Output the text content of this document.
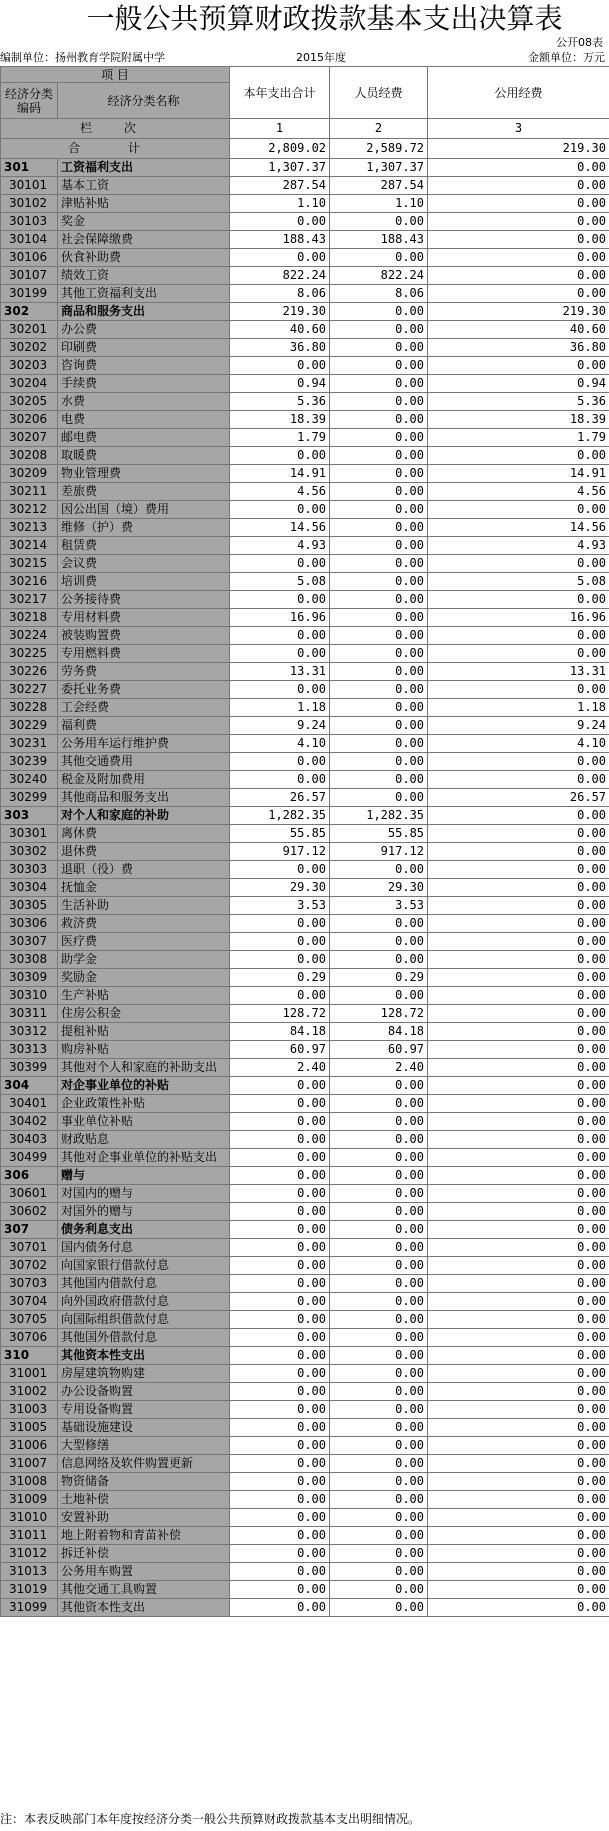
一般公共预算财政拨款基本支出决算表
公开08表
编制单位：扬州教育学院附属中学	2015年度	金额单位：万元
项 目		本年支出合计	人员经费	公用经费
经济分类编码	经济分类名称			

栏 次		1	2	3
合 计		2,809.02	2,589.72	219.30
301	工资福利支出	1,307.37	1,307.37	0.00
30101	基本工资	287.54	287.54	0.00
30102	津贴补贴	1.10	1.10	0.00
30103	奖金	0.00	0.00	0.00
30104	社会保障缴费	188.43	188.43	0.00
30106	伙食补助费	0.00	0.00	0.00
30107	绩效工资	822.24	822.24	0.00
30199	其他工资福利支出	8.06	8.06	0.00
302	商品和服务支出	219.30	0.00	219.30
30201	办公费	40.60	0.00	40.60
30202	印刷费	36.80	0.00	36.80
30203	咨询费	0.00	0.00	0.00
30204	手续费	0.94	0.00	0.94
30205	水费	5.36	0.00	5.36
30206	电费	18.39	0.00	18.39
30207	邮电费	1.79	0.00	1.79
30208	取暖费	0.00	0.00	0.00
30209	物业管理费	14.91	0.00	14.91
30211	差旅费	4.56	0.00	4.56
30212	因公出国（境）费用	0.00	0.00	0.00
30213	维修（护）费	14.56	0.00	14.56
30214	租赁费	4.93	0.00	4.93
30215	会议费	0.00	0.00	0.00
30216	培训费	5.08	0.00	5.08
30217	公务接待费	0.00	0.00	0.00
30218	专用材料费	16.96	0.00	16.96
30224	被装购置费	0.00	0.00	0.00
30225	专用燃料费	0.00	0.00	0.00
30226	劳务费	13.31	0.00	13.31
30227	委托业务费	0.00	0.00	0.00
30228	工会经费	1.18	0.00	1.18
30229	福利费	9.24	0.00	9.24
30231	公务用车运行维护费	4.10	0.00	4.10
30239	其他交通费用	0.00	0.00	0.00
30240	税金及附加费用	0.00	0.00	0.00
30299	其他商品和服务支出	26.57	0.00	26.57
303	对个人和家庭的补助	1,282.35	1,282.35	0.00
30301	离休费	55.85	55.85	0.00
30302	退休费	917.12	917.12	0.00
30303	退职（役）费	0.00	0.00	0.00
30304	抚恤金	29.30	29.30	0.00
30305	生活补助	3.53	3.53	0.00
30306	救济费	0.00	0.00	0.00
30307	医疗费	0.00	0.00	0.00
30308	助学金	0.00	0.00	0.00
30309	奖励金	0.29	0.29	0.00
30310	生产补贴	0.00	0.00	0.00
30311	住房公积金	128.72	128.72	0.00
30312	提租补贴	84.18	84.18	0.00
30313	购房补贴	60.97	60.97	0.00
30399	其他对个人和家庭的补助支出	2.40	2.40	0.00
304	对企事业单位的补贴	0.00	0.00	0.00
30401	企业政策性补贴	0.00	0.00	0.00
30402	事业单位补贴	0.00	0.00	0.00
30403	财政贴息	0.00	0.00	0.00
30499	其他对企事业单位的补贴支出	0.00	0.00	0.00
306	赠与	0.00	0.00	0.00
30601	对国内的赠与	0.00	0.00	0.00
30602	对国外的赠与	0.00	0.00	0.00
307	债务利息支出	0.00	0.00	0.00
30701	国内债务付息	0.00	0.00	0.00
30702	向国家银行借款付息	0.00	0.00	0.00
30703	其他国内借款付息	0.00	0.00	0.00
30704	向外国政府借款付息	0.00	0.00	0.00
30705	向国际组织借款付息	0.00	0.00	0.00
30706	其他国外借款付息	0.00	0.00	0.00
310	其他资本性支出	0.00	0.00	0.00
31001	房屋建筑物购建	0.00	0.00	0.00
31002	办公设备购置	0.00	0.00	0.00
31003	专用设备购置	0.00	0.00	0.00
31005	基础设施建设	0.00	0.00	0.00
31006	大型修缮	0.00	0.00	0.00
31007	信息网络及软件购置更新	0.00	0.00	0.00
31008	物资储备	0.00	0.00	0.00
31009	土地补偿	0.00	0.00	0.00
31010	安置补助	0.00	0.00	0.00
31011	地上附着物和青苗补偿	0.00	0.00	0.00
31012	拆迁补偿	0.00	0.00	0.00
31013	公务用车购置	0.00	0.00	0.00
31019	其他交通工具购置	0.00	0.00	0.00
31099	其他资本性支出	0.00	0.00	0.00
注：本表反映部门本年度按经济分类一般公共预算财政拨款基本支出明细情况。
